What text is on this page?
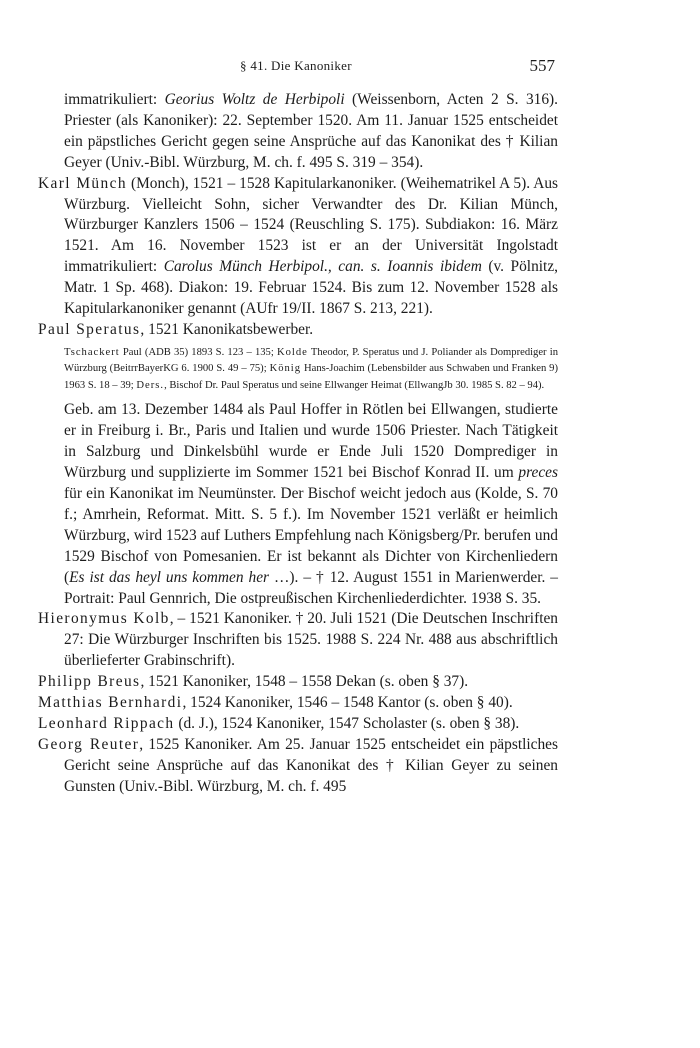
§ 41. Die Kanoniker	557

immatrikuliert: Georius Woltz de Herbipoli (Weissenborn, Acten 2 S. 316). Priester (als Kanoniker): 22. September 1520. Am 11. Januar 1525 entscheidet ein päpstliches Gericht gegen seine Ansprüche auf das Kanonikat des † Kilian Geyer (Univ.-Bibl. Würzburg, M. ch. f. 495 S. 319 – 354).

Karl Münch (Monch), 1521 – 1528 Kapitularkanoniker. (Weihematrikel A 5). Aus Würzburg. Vielleicht Sohn, sicher Verwandter des Dr. Kilian Münch, Würzburger Kanzlers 1506 – 1524 (Reuschling S. 175). Subdiakon: 16. März 1521. Am 16. November 1523 ist er an der Universität Ingolstadt immatrikuliert: Carolus Münch Herbipol., can. s. Ioannis ibidem (v. Pölnitz, Matr. 1 Sp. 468). Diakon: 19. Februar 1524. Bis zum 12. November 1528 als Kapitularkanoniker genannt (AUfr 19/II. 1867 S. 213, 221).

Paul Speratus, 1521 Kanonikatsbewerber.

Tschackert Paul (ADB 35) 1893 S. 123 – 135; Kolde Theodor, P. Speratus und J. Poliander als Domprediger in Würzburg (BeitrrBayerKG 6. 1900 S. 49 – 75); König Hans-Joachim (Lebensbilder aus Schwaben und Franken 9) 1963 S. 18 – 39; Ders., Bischof Dr. Paul Speratus und seine Ellwanger Heimat (EllwangJb 30. 1985 S. 82 – 94).

Geb. am 13. Dezember 1484 als Paul Hoffer in Rötlen bei Ellwangen, studierte er in Freiburg i. Br., Paris und Italien und wurde 1506 Priester. Nach Tätigkeit in Salzburg und Dinkelsbühl wurde er Ende Juli 1520 Domprediger in Würzburg und supplizierte im Sommer 1521 bei Bischof Konrad II. um preces für ein Kanonikat im Neumünster. Der Bischof weicht jedoch aus (Kolde, S. 70 f.; Amrhein, Reformat. Mitt. S. 5 f.). Im November 1521 verläßt er heimlich Würzburg, wird 1523 auf Luthers Empfehlung nach Königsberg/Pr. berufen und 1529 Bischof von Pomesanien. Er ist bekannt als Dichter von Kirchenliedern (Es ist das heyl uns kommen her …). – † 12. August 1551 in Marienwerder. – Portrait: Paul Gennrich, Die ostpreußischen Kirchenliederdichter. 1938 S. 35.

Hieronymus Kolb, – 1521 Kanoniker. † 20. Juli 1521 (Die Deutschen Inschriften 27: Die Würzburger Inschriften bis 1525. 1988 S. 224 Nr. 488 aus abschriftlich überlieferter Grabinschrift).

Philipp Breus, 1521 Kanoniker, 1548 – 1558 Dekan (s. oben § 37).

Matthias Bernhardi, 1524 Kanoniker, 1546 – 1548 Kantor (s. oben § 40).

Leonhard Rippach (d. J.), 1524 Kanoniker, 1547 Scholaster (s. oben § 38).

Georg Reuter, 1525 Kanoniker. Am 25. Januar 1525 entscheidet ein päpstliches Gericht seine Ansprüche auf das Kanonikat des † Kilian Geyer zu seinen Gunsten (Univ.-Bibl. Würzburg, M. ch. f. 495
